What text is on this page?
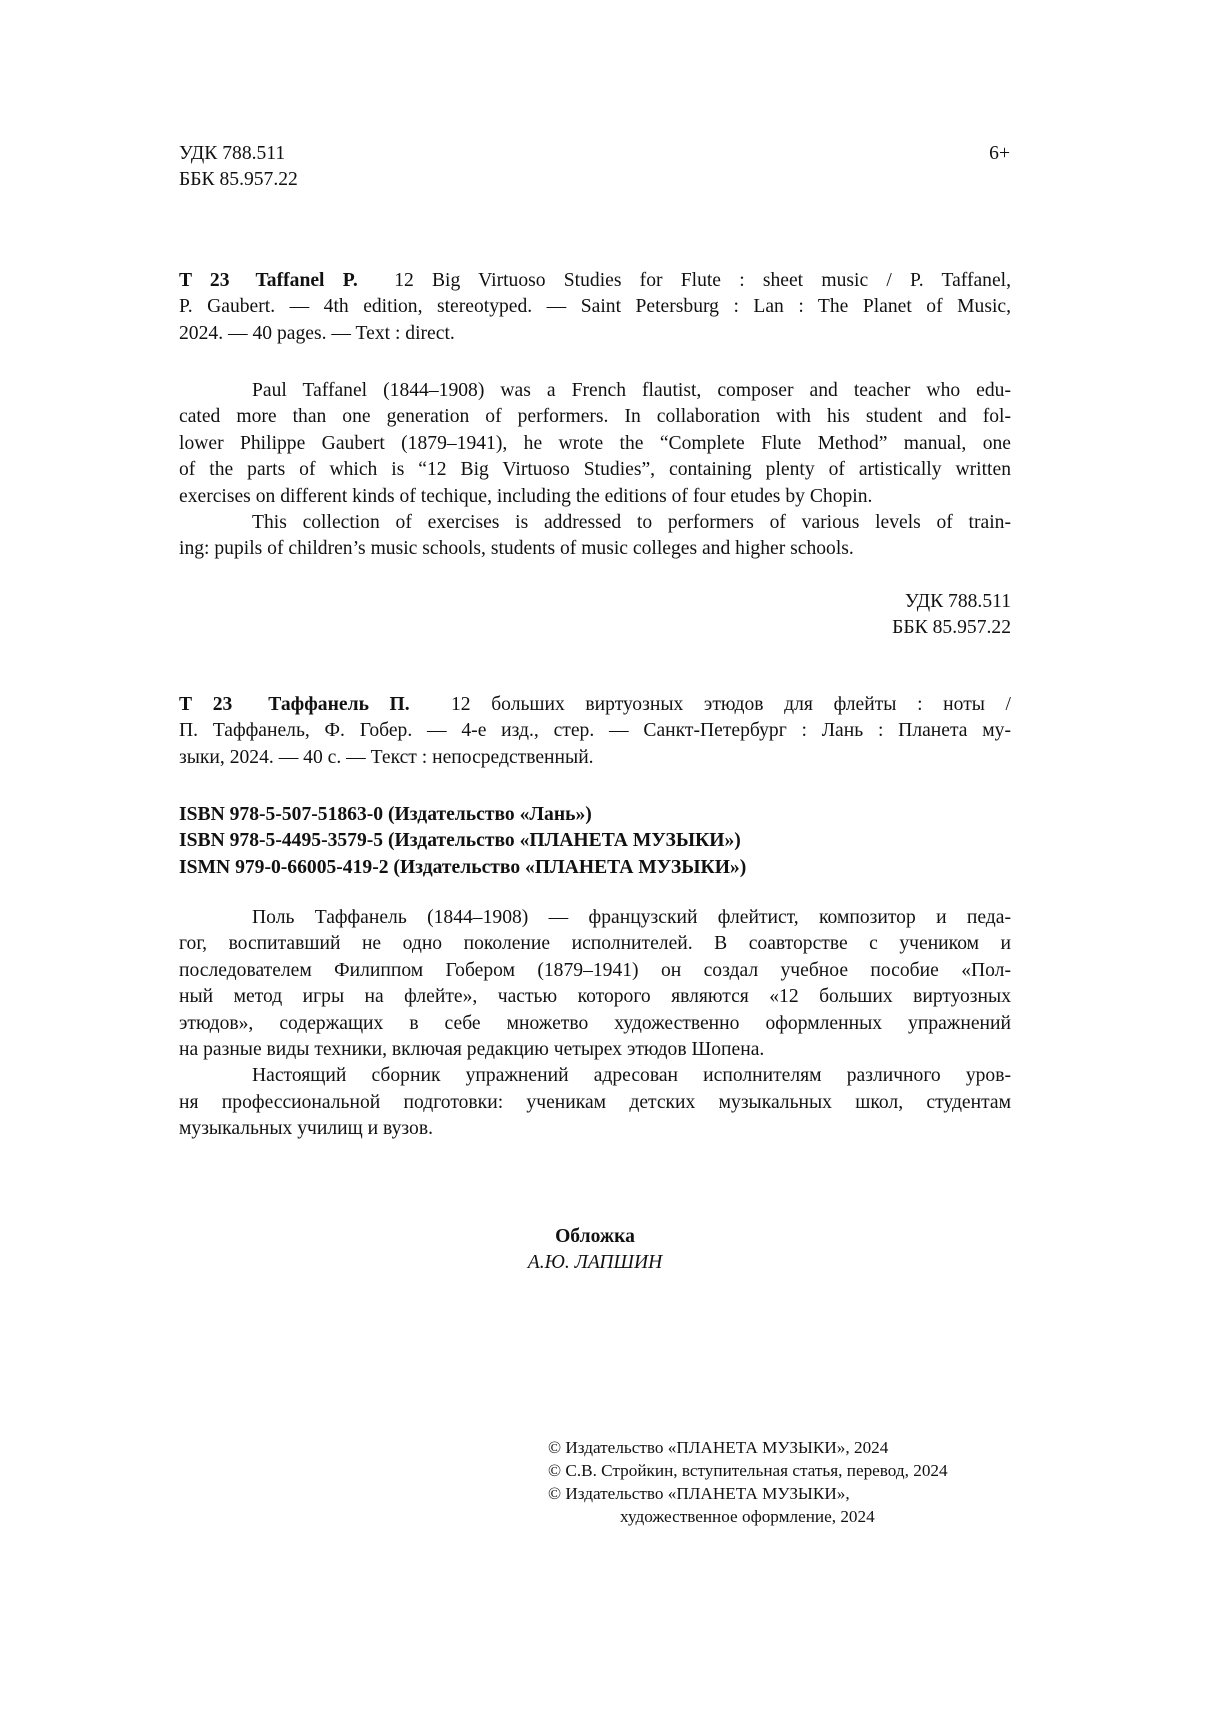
УДК 788.511
ББК 85.957.22
6+
T 23 Taffanel P. 12 Big Virtuoso Studies for Flute : sheet music / P. Taffanel,
P. Gaubert. — 4th edition, stereotyped. — Saint Petersburg : Lan : The Planet of Music,
2024. — 40 pages. — Text : direct.
Paul Taffanel (1844–1908) was a French flautist, composer and teacher who edu-
cated more than one generation of performers. In collaboration with his student and fol-
lower Philippe Gaubert (1879–1941), he wrote the “Complete Flute Method” manual, one
of the parts of which is “12 Big Virtuoso Studies”, containing plenty of artistically written
exercises on different kinds of techique, including the editions of four etudes by Chopin.
This collection of exercises is addressed to performers of various levels of train-
ing: pupils of children’s music schools, students of music colleges and higher schools.
УДК 788.511
ББК 85.957.22
Т 23 Таффанель П. 12 больших виртуозных этюдов для флейты : ноты /
П. Таффанель, Ф. Гобер. — 4-е изд., стер. — Санкт-Петербург : Лань : Планета му-
зыки, 2024. — 40 с. — Текст : непосредственный.
ISBN 978-5-507-51863-0 (Издательство «Лань»)
ISBN 978-5-4495-3579-5 (Издательство «ПЛАНЕТА МУЗЫКИ»)
ISMN 979-0-66005-419-2 (Издательство «ПЛАНЕТА МУЗЫКИ»)
Поль Таффанель (1844–1908) — французский флейтист, композитор и педа-
гог, воспитавший не одно поколение исполнителей. В соавторстве с учеником и
последователем Филиппом Гобером (1879–1941) он создал учебное пособие «Пол-
ный метод игры на флейте», частью которого являются «12 больших виртуозных
этюдов», содержащих в себе множетво художественно оформленных упражнений
на разные виды техники, включая редакцию четырех этюдов Шопена.
Настоящий сборник упражнений адресован исполнителям различного уров-
ня профессиональной подготовки: ученикам детских музыкальных школ, студентам
музыкальных училищ и вузов.
Обложка
А.Ю. ЛАПШИН
© Издательство «ПЛАНЕТА МУЗЫКИ», 2024
© С.В. Стройкин, вступительная статья, перевод, 2024
© Издательство «ПЛАНЕТА МУЗЫКИ»,
художественное оформление, 2024
